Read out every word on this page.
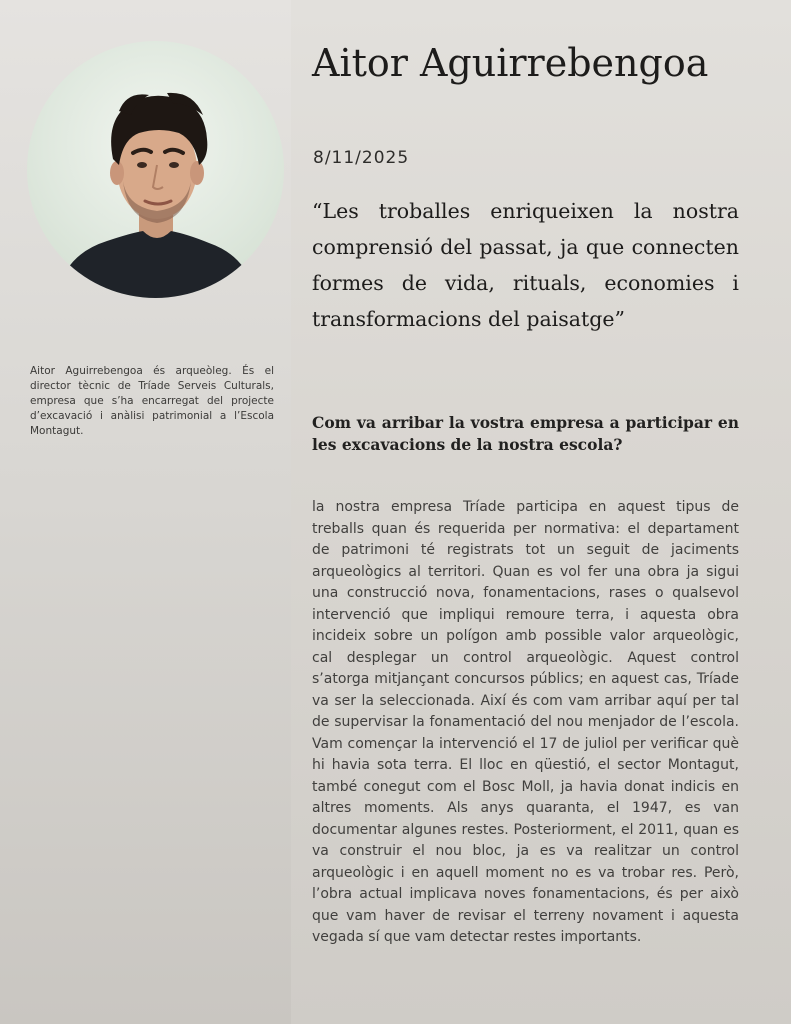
Aitor Aguirrebengoa és arqueòleg. És el director tècnic de Tríade Serveis Culturals, empresa que s’ha encarregat del projecte d’excavació i anàlisi patrimonial a l’Escola Montagut.
Aitor Aguirrebengoa
8/11/2025
“Les troballes enriqueixen la nostra comprensió del passat, ja que connecten formes de vida, rituals, economies i transformacions del paisatge”
Com va arribar la vostra empresa a participar en les excavacions de la nostra escola?
la nostra empresa Tríade participa en aquest tipus de treballs quan és requerida per normativa: el departament de patrimoni té registrats tot un seguit de jaciments arqueològics al territori. Quan es vol fer una obra ja sigui una construcció nova, fonamentacions, rases o qualsevol intervenció que impliqui remoure terra, i aquesta obra incideix sobre un polígon amb possible valor arqueològic, cal desplegar un control arqueològic. Aquest control s’atorga mitjançant concursos públics; en aquest cas, Tríade va ser la seleccionada. Així és com vam arribar aquí per tal de supervisar la fonamentació del nou menjador de l’escola. Vam començar la intervenció el 17 de juliol per verificar què hi havia sota terra. El lloc en qüestió, el sector Montagut, també conegut com el Bosc Moll, ja havia donat indicis en altres moments. Als anys quaranta, el 1947, es van documentar algunes restes. Posteriorment, el 2011, quan es va construir el nou bloc, ja es va realitzar un control arqueològic i en aquell moment no es va trobar res. Però, l’obra actual implicava noves fonamentacions, és per això que vam haver de revisar el terreny novament i aquesta vegada sí que vam detectar restes importants.
